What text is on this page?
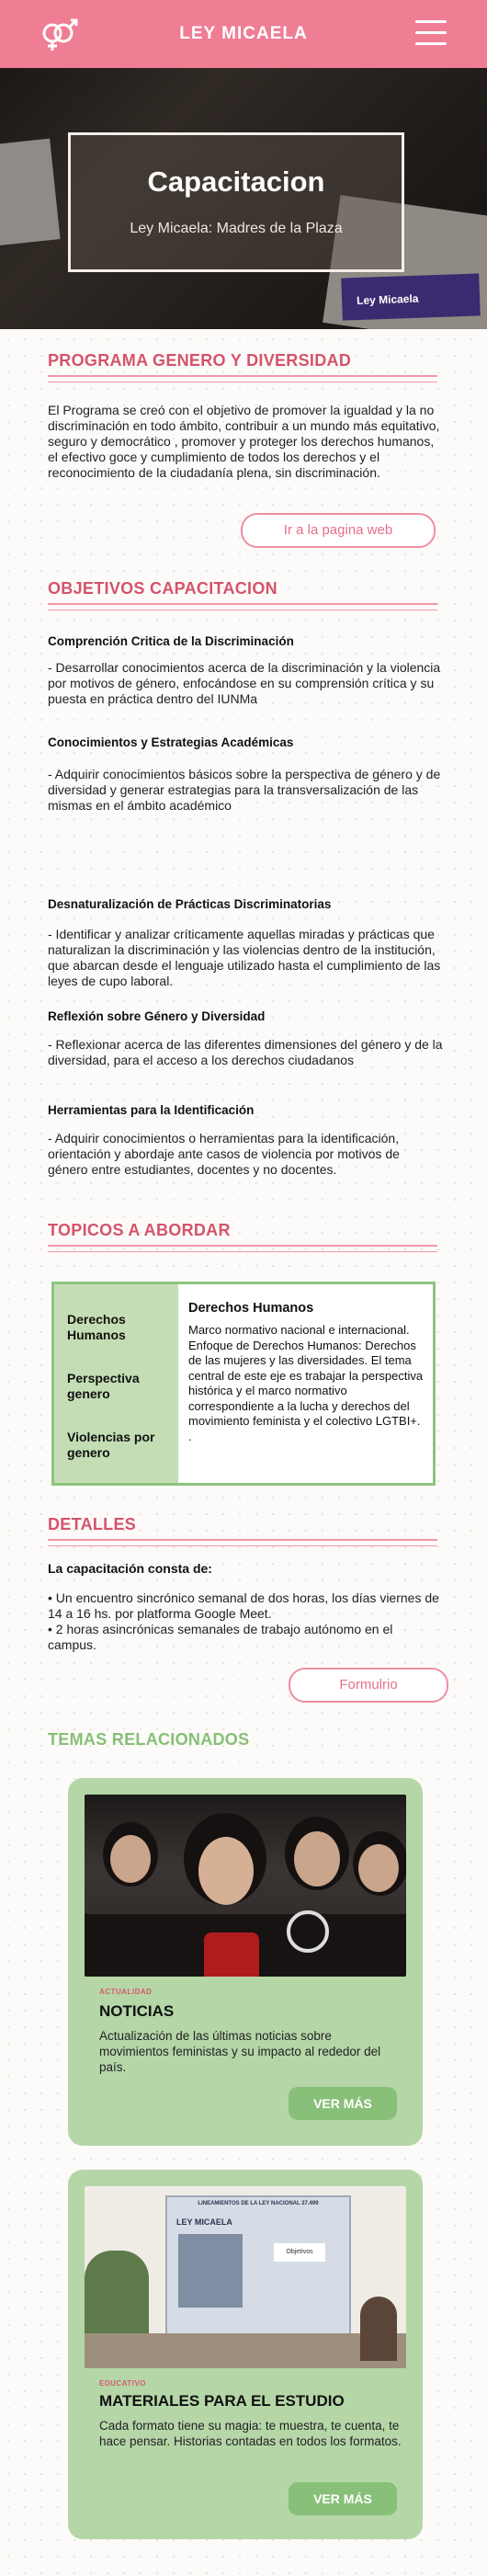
LEY MICAELA
Ley Micaela
Capacitacion
Ley Micaela: Madres de la Plaza
PROGRAMA GENERO Y DIVERSIDAD
El Programa se creó con el objetivo de promover la igualdad y la no discriminación en todo ámbito, contribuir a un mundo más equitativo, seguro y democrático , promover y proteger los derechos humanos, el efectivo goce y cumplimiento de todos los derechos y el reconocimiento de la ciudadanía plena, sin discriminación.
Ir a la pagina web
OBJETIVOS CAPACITACION
Comprención Critica de la Discriminación
- Desarrollar conocimientos acerca de la discriminación y la violencia por motivos de género, enfocándose en su comprensión crítica y su puesta en práctica dentro del IUNMa
Conocimientos y Estrategias Académicas
- Adquirir conocimientos básicos sobre la perspectiva de género y de diversidad y generar estrategias para la transversalización de las mismas en el ámbito académico
Desnaturalización de Prácticas Discriminatorias
- Identificar y analizar críticamente aquellas miradas y prácticas que naturalizan la discriminación y las violencias dentro de la institución, que abarcan desde el lenguaje utilizado hasta el cumplimiento de las leyes de cupo laboral.
Reflexión sobre Género y Diversidad
- Reflexionar acerca de las diferentes dimensiones del género y de la diversidad, para el acceso a los derechos ciudadanos
Herramientas para la Identificación
- Adquirir conocimientos o herramientas para la identificación, orientación y abordaje ante casos de violencia por motivos de género entre estudiantes, docentes y no docentes.
TOPICOS A ABORDAR
Derechos Humanos
Perspectiva genero
Violencias por genero
Derechos Humanos
Marco normativo nacional e internacional. Enfoque de Derechos Humanos: Derechos de las mujeres y las diversidades. El tema central de este eje es trabajar la perspectiva histórica y el marco normativo correspondiente a la lucha y derechos del movimiento feminista y el colectivo LGTBI+. .
DETALLES
La capacitación consta de:
• Un encuentro sincrónico semanal de dos horas, los días viernes de 14 a 16 hs. por platforma Google Meet.
• 2 horas asincrónicas semanales de trabajo autónomo en el campus.
Formulrio
TEMAS RELACIONADOS
ACTUALIDAD
NOTICIAS
Actualización de las últimas noticias sobre movimientos feministas y su impacto al rededor del país.
VER MÁS
LINEAMIENTOS DE LA LEY NACIONAL 27.499
LEY MICAELA
Objetivos
EDUCATIVO
MATERIALES PARA EL ESTUDIO
Cada formato tiene su magia: te muestra, te cuenta, te hace pensar. Historias contadas en todos los formatos.
VER MÁS
